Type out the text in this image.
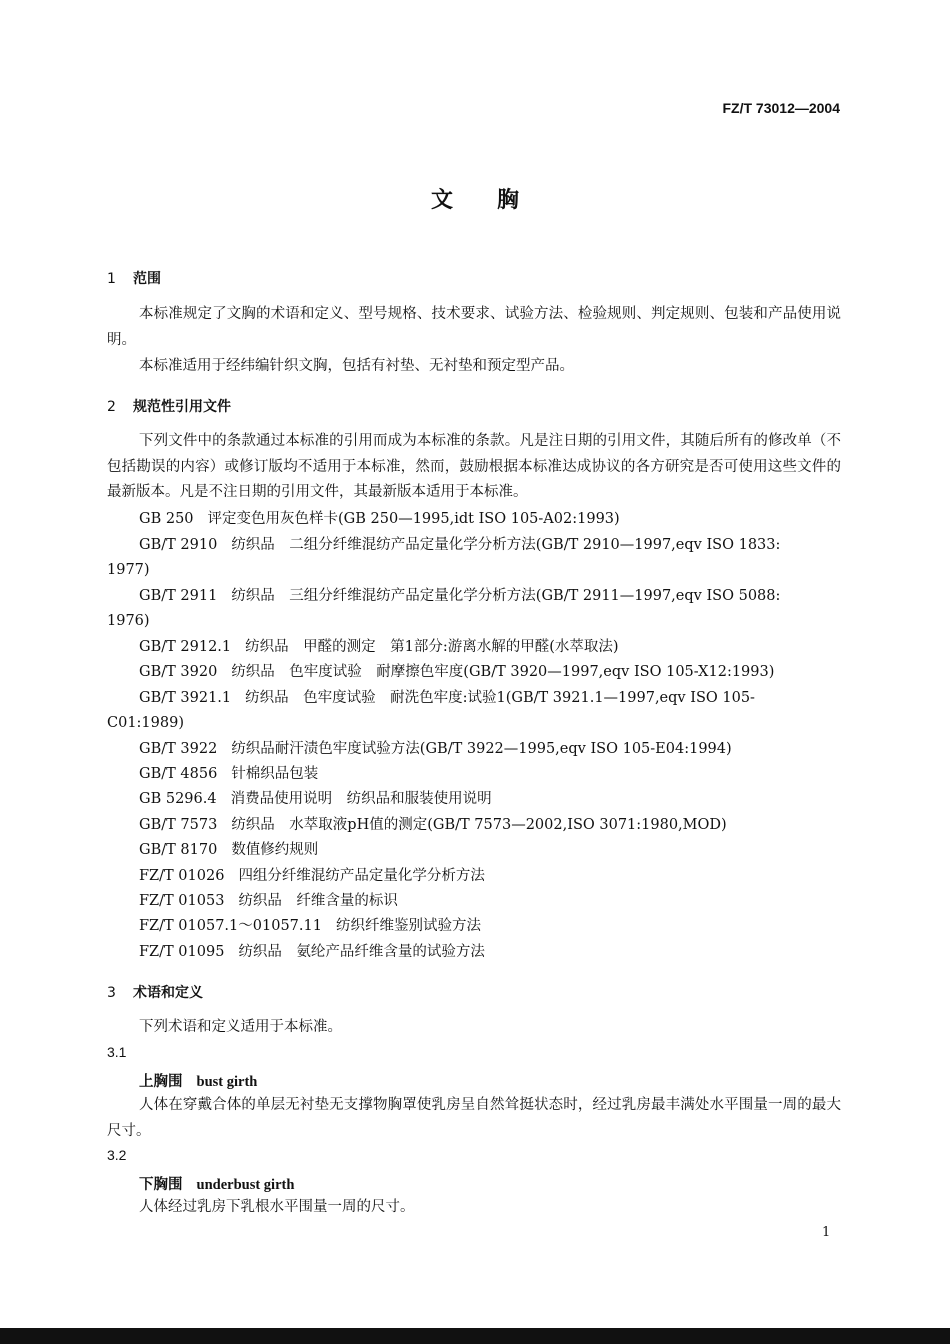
FZ/T 73012—2004
文胸
1 范围
本标准规定了文胸的术语和定义、型号规格、技术要求、试验方法、检验规则、判定规则、包装和产品使用说明。
本标准适用于经纬编针织文胸，包括有衬垫、无衬垫和预定型产品。
2 规范性引用文件
下列文件中的条款通过本标准的引用而成为本标准的条款。凡是注日期的引用文件，其随后所有的修改单（不包括勘误的内容）或修订版均不适用于本标准，然而，鼓励根据本标准达成协议的各方研究是否可使用这些文件的最新版本。凡是不注日期的引用文件，其最新版本适用于本标准。
GB 250 评定变色用灰色样卡(GB 250—1995,idt ISO 105-A02:1993)
GB/T 2910 纺织品　二组分纤维混纺产品定量化学分析方法(GB/T 2910—1997,eqv ISO 1833:
1977)
GB/T 2911 纺织品　三组分纤维混纺产品定量化学分析方法(GB/T 2911—1997,eqv ISO 5088:
1976)
GB/T 2912.1 纺织品　甲醛的测定　第1部分:游离水解的甲醛(水萃取法)
GB/T 3920 纺织品　色牢度试验　耐摩擦色牢度(GB/T 3920—1997,eqv ISO 105-X12:1993)
GB/T 3921.1 纺织品　色牢度试验　耐洗色牢度:试验1(GB/T 3921.1—1997,eqv ISO 105-
C01:1989)
GB/T 3922 纺织品耐汗渍色牢度试验方法(GB/T 3922—1995,eqv ISO 105-E04:1994)
GB/T 4856 针棉织品包装
GB 5296.4 消费品使用说明　纺织品和服装使用说明
GB/T 7573 纺织品　水萃取液pH值的测定(GB/T 7573—2002,ISO 3071:1980,MOD)
GB/T 8170 数值修约规则
FZ/T 01026 四组分纤维混纺产品定量化学分析方法
FZ/T 01053 纺织品　纤维含量的标识
FZ/T 01057.1～01057.11 纺织纤维鉴别试验方法
FZ/T 01095 纺织品　氨纶产品纤维含量的试验方法
3 术语和定义
下列术语和定义适用于本标准。
3.1
上胸围 bust girth
人体在穿戴合体的单层无衬垫无支撑物胸罩使乳房呈自然耸挺状态时，经过乳房最丰满处水平围量一周的最大尺寸。
3.2
下胸围 underbust girth
人体经过乳房下乳根水平围量一周的尺寸。
1
